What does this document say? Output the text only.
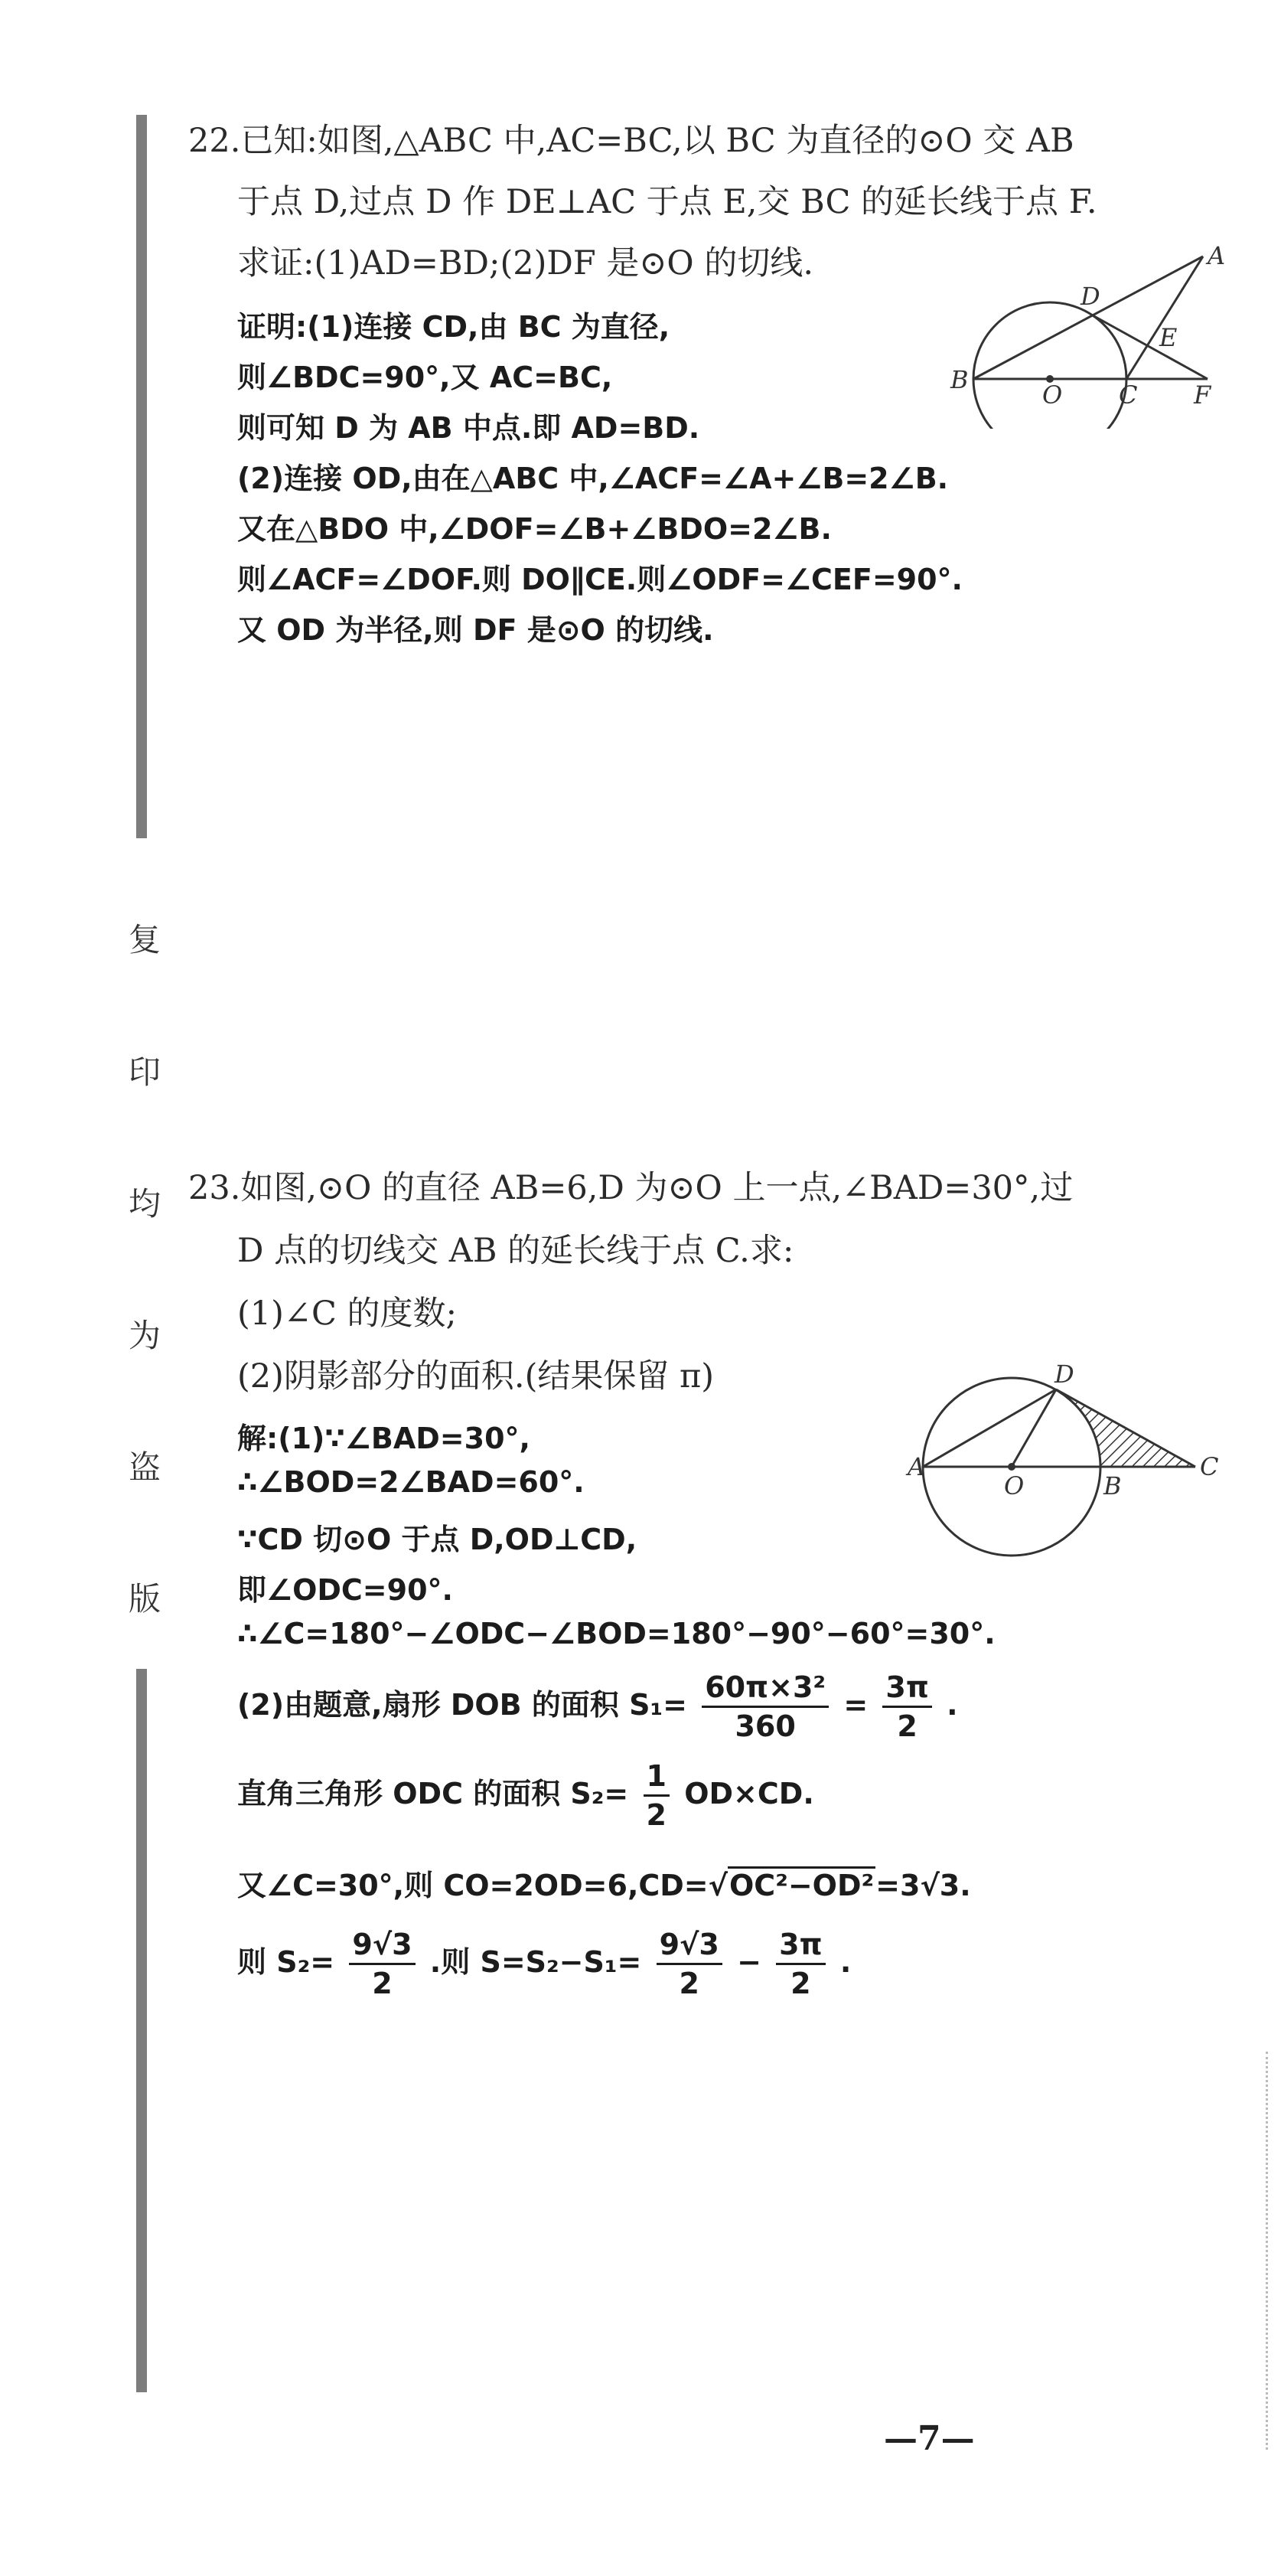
复
印
均
为
盗
版
22.已知:如图,△ABC 中,AC=BC,以 BC 为直径的⊙O 交 AB
于点 D,过点 D 作 DE⊥AC 于点 E,交 BC 的延长线于点 F.
求证:(1)AD=BD;(2)DF 是⊙O 的切线.
证明:(1)连接 CD,由 BC 为直径,
则∠BDC=90°,又 AC=BC,
则可知 D 为 AB 中点.即 AD=BD.
(2)连接 OD,由在△ABC 中,∠ACF=∠A+∠B=2∠B.
又在△BDO 中,∠DOF=∠B+∠BDO=2∠B.
则∠ACF=∠DOF.则 DO∥CE.则∠ODF=∠CEF=90°.
又 OD 为半径,则 DF 是⊙O 的切线.
A
B
O C F
D
E
23.如图,⊙O 的直径 AB=6,D 为⊙O 上一点,∠BAD=30°,过
D 点的切线交 AB 的延长线于点 C.求:
(1)∠C 的度数;
(2)阴影部分的面积.(结果保留 π)
解:(1)∵∠BAD=30°,
∴∠BOD=2∠BAD=60°.
∵CD 切⊙O 于点 D,OD⊥CD,
即∠ODC=90°.
∴∠C=180°−∠ODC−∠BOD=180°−90°−60°=30°.
(2)由题意,扇形 DOB 的面积 $S_1= \frac{\text{60π×3²}}{360} = \frac{3\pi}{2}$ .
直角三角形 ODC 的面积 $S_2= \frac{1}{2} OD\times CD$.
又∠C=30°,则 CO=2OD=6,CD=√OC²−OD²=3√3.
则 $S_2= \frac{9√3}{2}$ .则 $S=S_2-S_1= \frac{9√3}{2} - \frac{3\pi}{2}$ .
A
O	B
C
D
—7—
